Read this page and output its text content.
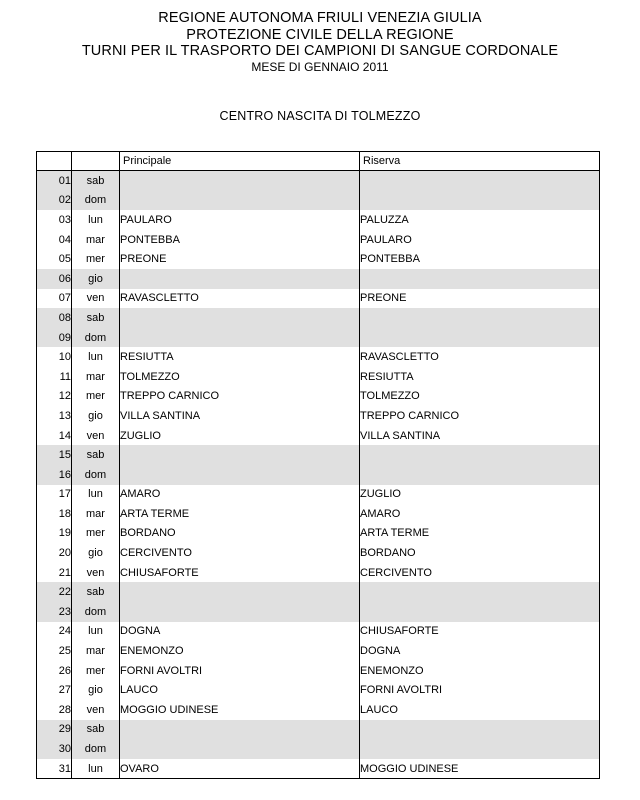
REGIONE AUTONOMA FRIULI VENEZIA GIULIA
PROTEZIONE CIVILE DELLA REGIONE
TURNI PER IL TRASPORTO DEI CAMPIONI DI SANGUE CORDONALE
MESE DI GENNAIO 2011
CENTRO NASCITA DI TOLMEZZO
		Principale	Riserva
01	sab		
02	dom		
03	lun	PAULARO	PALUZZA
04	mar	PONTEBBA	PAULARO
05	mer	PREONE	PONTEBBA
06	gio		
07	ven	RAVASCLETTO	PREONE
08	sab		
09	dom		
10	lun	RESIUTTA	RAVASCLETTO
11	mar	TOLMEZZO	RESIUTTA
12	mer	TREPPO CARNICO	TOLMEZZO
13	gio	VILLA SANTINA	TREPPO CARNICO
14	ven	ZUGLIO	VILLA SANTINA
15	sab		
16	dom		
17	lun	AMARO	ZUGLIO
18	mar	ARTA TERME	AMARO
19	mer	BORDANO	ARTA TERME
20	gio	CERCIVENTO	BORDANO
21	ven	CHIUSAFORTE	CERCIVENTO
22	sab		
23	dom		
24	lun	DOGNA	CHIUSAFORTE
25	mar	ENEMONZO	DOGNA
26	mer	FORNI AVOLTRI	ENEMONZO
27	gio	LAUCO	FORNI AVOLTRI
28	ven	MOGGIO UDINESE	LAUCO
29	sab		
30	dom		
31	lun	OVARO	MOGGIO UDINESE
